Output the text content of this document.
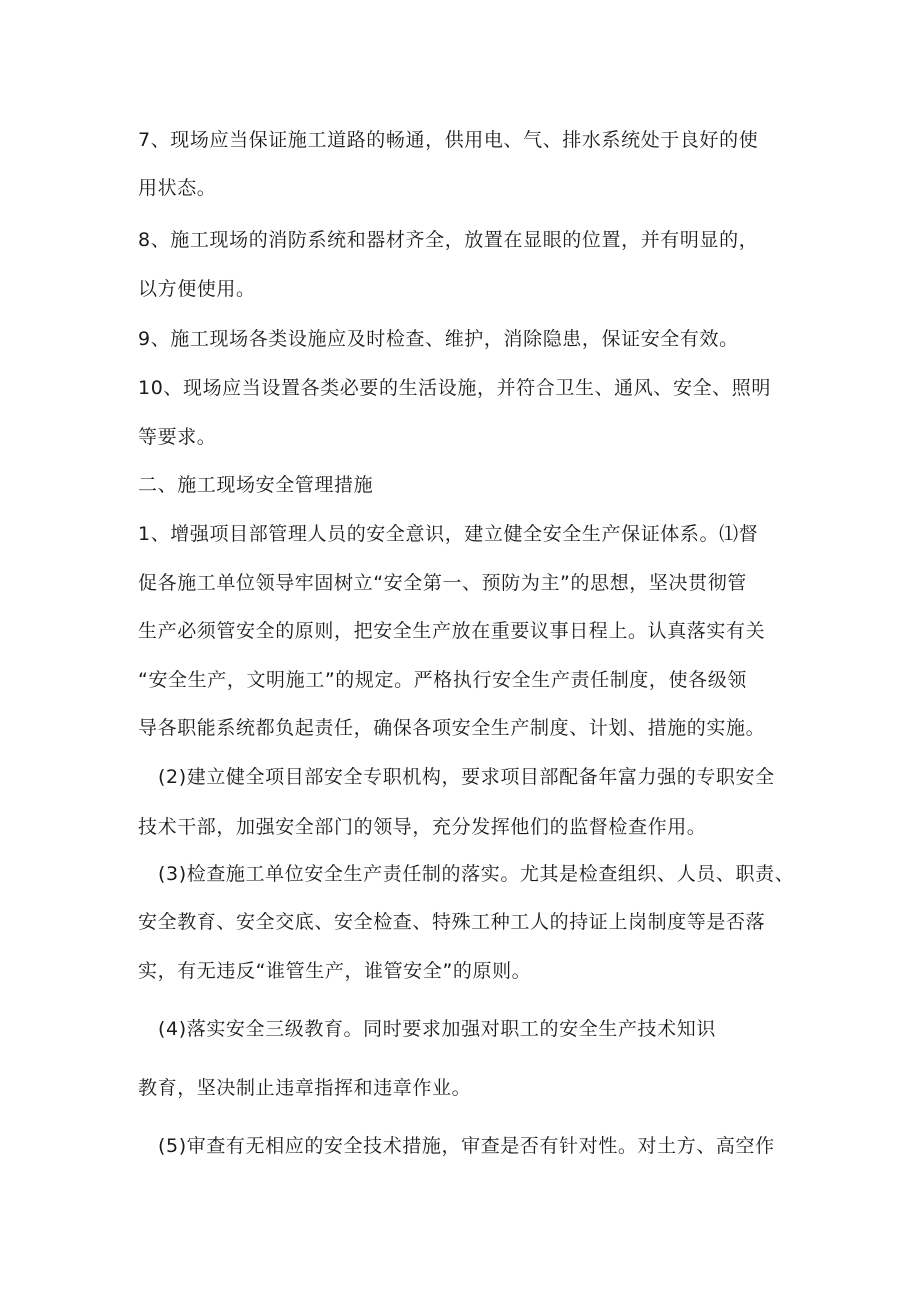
7、现场应当保证施工道路的畅通，供用电、气、排水系统处于良好的使

用状态。

8、施工现场的消防系统和器材齐全，放置在显眼的位置，并有明显的，

以方便使用。

9、施工现场各类设施应及时检查、维护，消除隐患，保证安全有效。

10、现场应当设置各类必要的生活设施，并符合卫生、通风、安全、照明

等要求。

二、施工现场安全管理措施

1、增强项目部管理人员的安全意识，建立健全安全生产保证体系。⑴督

促各施工单位领导牢固树立“安全第一、预防为主”的思想，坚决贯彻管

生产必须管安全的原则，把安全生产放在重要议事日程上。认真落实有关

“安全生产，文明施工”的规定。严格执行安全生产责任制度，使各级领

导各职能系统都负起责任，确保各项安全生产制度、计划、措施的实施。

(2)建立健全项目部安全专职机构，要求项目部配备年富力强的专职安全

技术干部，加强安全部门的领导，充分发挥他们的监督检查作用。

(3)检查施工单位安全生产责任制的落实。尤其是检查组织、人员、职责、

安全教育、安全交底、安全检查、特殊工种工人的持证上岗制度等是否落

实，有无违反“谁管生产，谁管安全”的原则。

(4)落实安全三级教育。同时要求加强对职工的安全生产技术知识

教育，坚决制止违章指挥和违章作业。

(5)审查有无相应的安全技术措施，审查是否有针对性。对土方、高空作
